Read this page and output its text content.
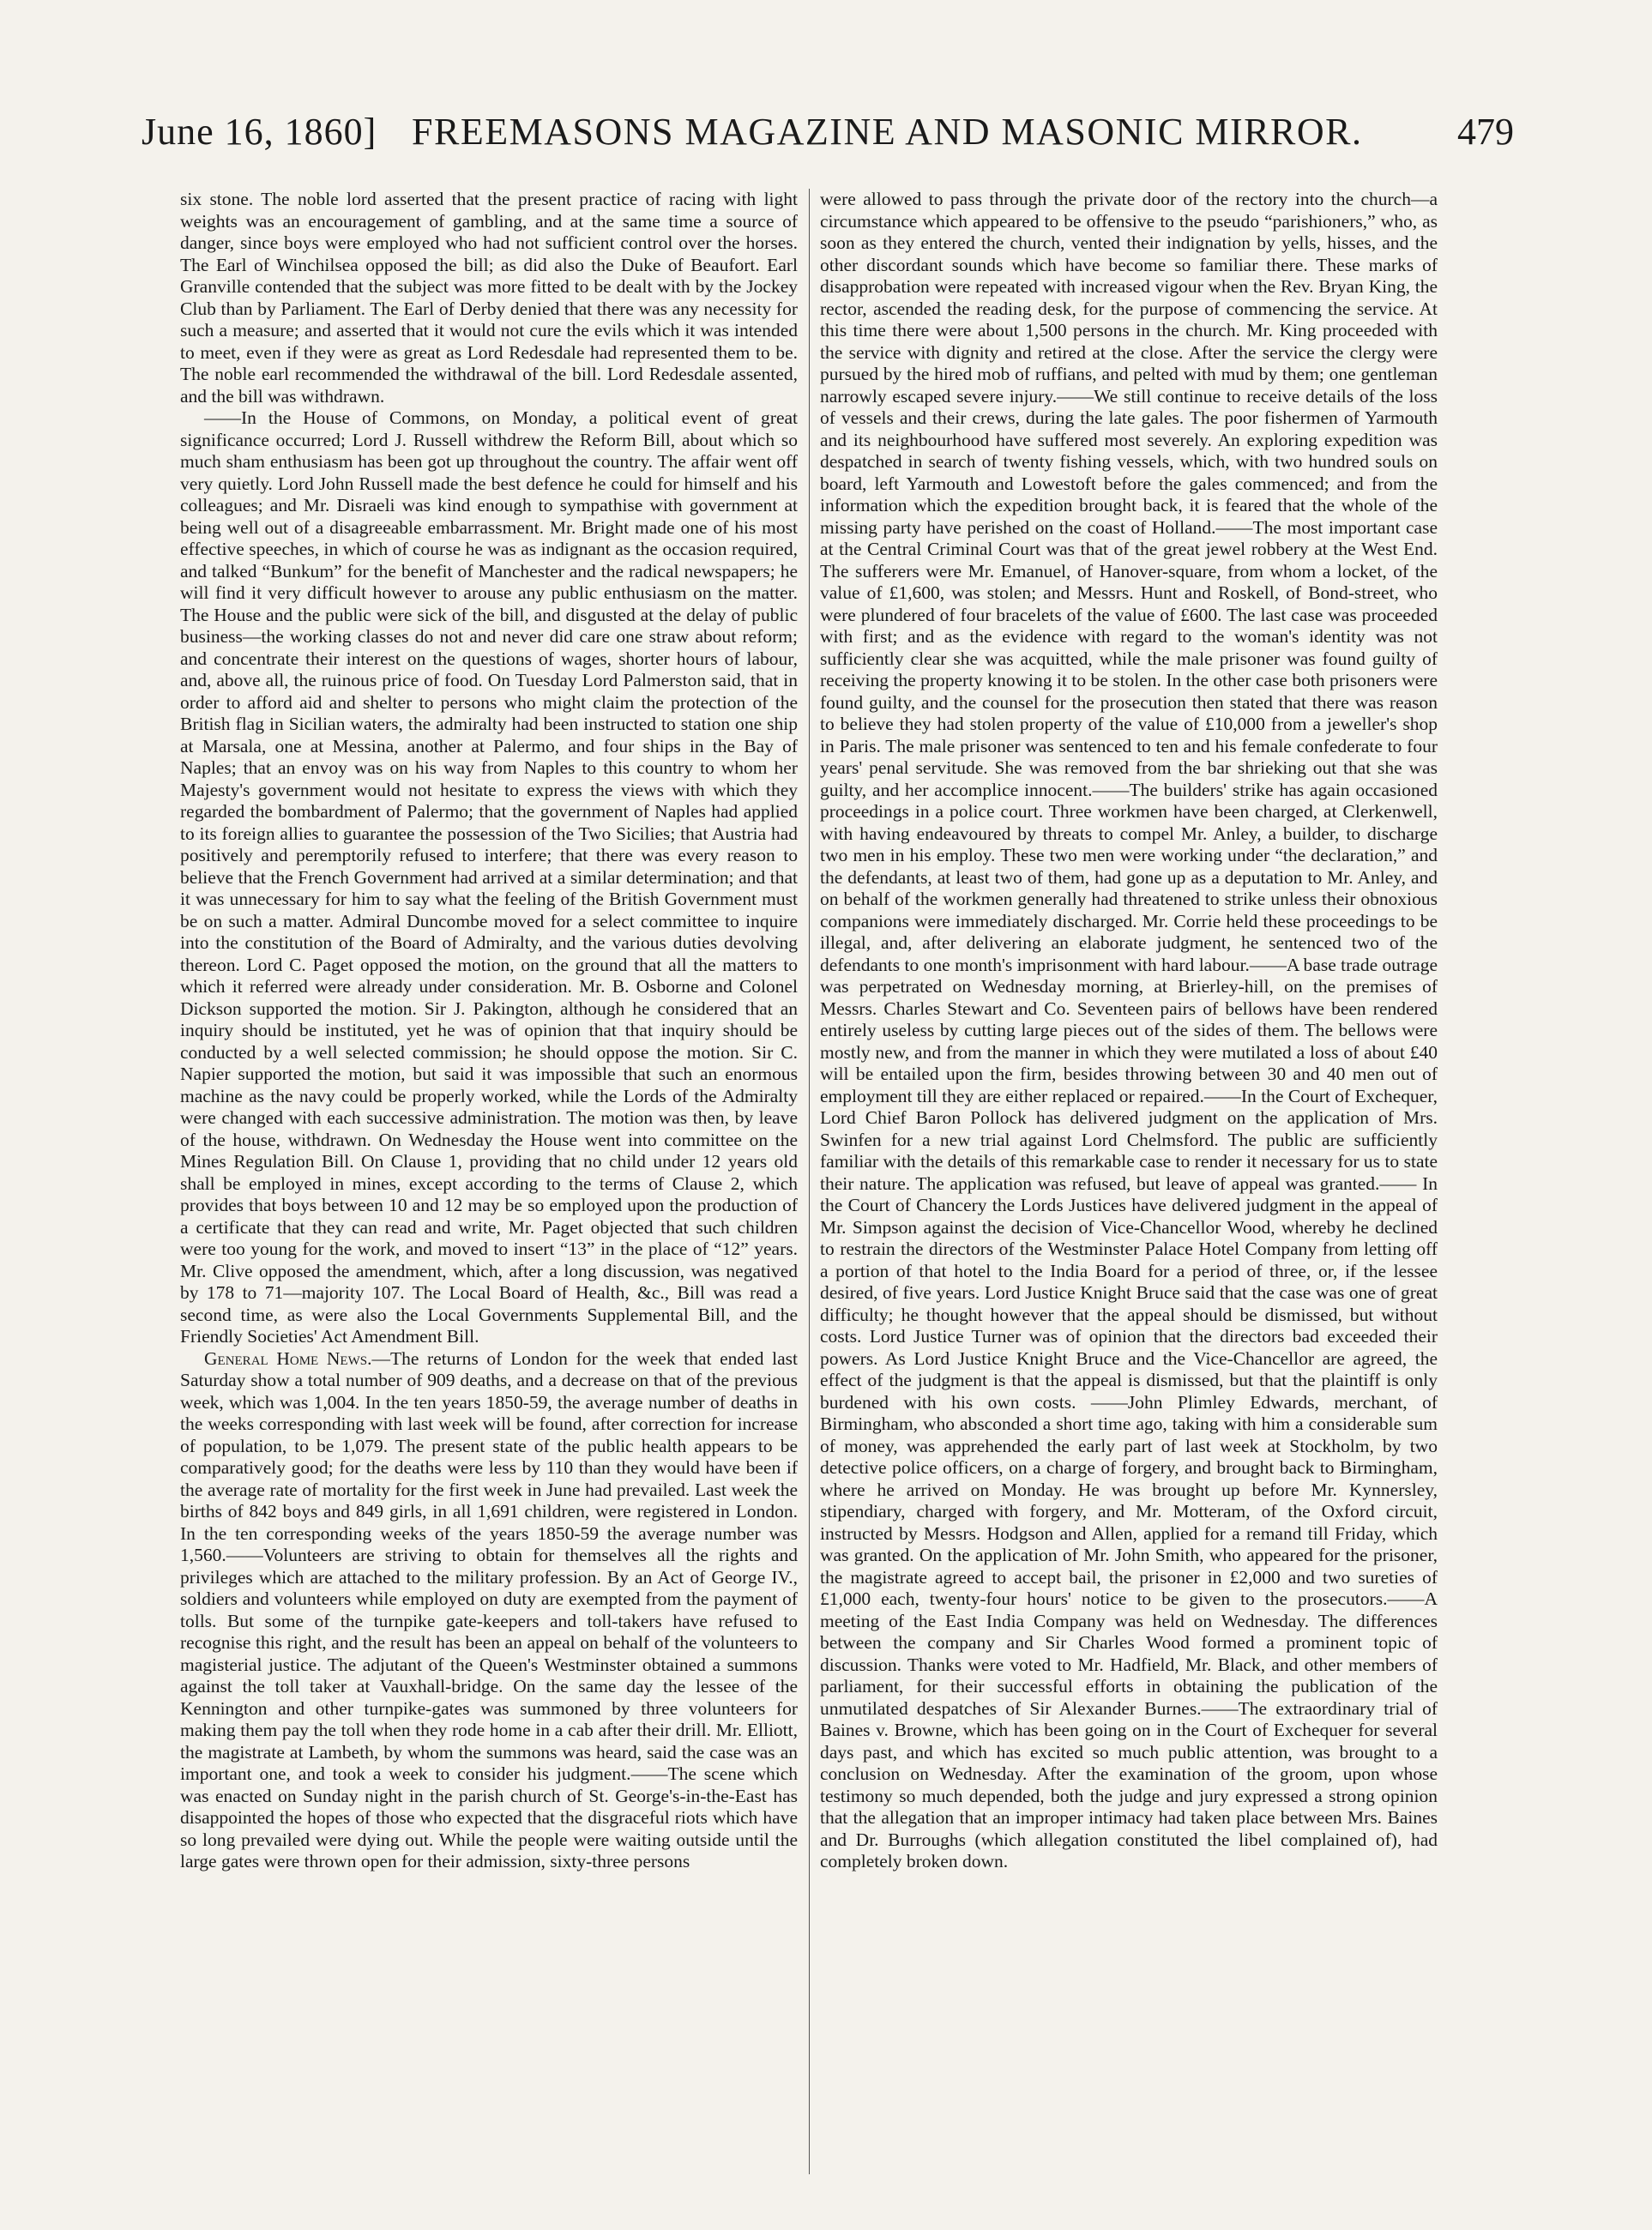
June 16, 1860] FREEMASONS MAGAZINE AND MASONIC MIRROR.	479

six stone. The noble lord asserted that the present practice of racing with light weights was an encouragement of gambling, and at the same time a source of danger, since boys were employed who had not sufficient control over the horses. The Earl of Winchilsea opposed the bill; as did also the Duke of Beaufort. Earl Granville contended that the subject was more fitted to be dealt with by the Jockey Club than by Parliament. The Earl of Derby denied that there was any necessity for such a measure; and asserted that it would not cure the evils which it was intended to meet, even if they were as great as Lord Redesdale had represented them to be. The noble earl recommended the withdrawal of the bill. Lord Redesdale assented, and the bill was withdrawn.

——In the House of Commons, on Monday, a political event of great significance occurred; Lord J. Russell withdrew the Reform Bill, about which so much sham enthusiasm has been got up throughout the country. The affair went off very quietly. Lord John Russell made the best defence he could for himself and his colleagues; and Mr. Disraeli was kind enough to sympathise with government at being well out of a disagreeable embarrassment. Mr. Bright made one of his most effective speeches, in which of course he was as indignant as the occasion required, and talked “Bunkum” for the benefit of Manchester and the radical newspapers; he will find it very difficult however to arouse any public enthusiasm on the matter. The House and the public were sick of the bill, and disgusted at the delay of public business—the working classes do not and never did care one straw about reform; and concentrate their interest on the questions of wages, shorter hours of labour, and, above all, the ruinous price of food. On Tuesday Lord Palmerston said, that in order to afford aid and shelter to persons who might claim the protection of the British flag in Sicilian waters, the admiralty had been instructed to station one ship at Marsala, one at Messina, another at Palermo, and four ships in the Bay of Naples; that an envoy was on his way from Naples to this country to whom her Majesty's government would not hesitate to express the views with which they regarded the bombardment of Palermo; that the government of Naples had applied to its foreign allies to guarantee the possession of the Two Sicilies; that Austria had positively and peremptorily refused to interfere; that there was every reason to believe that the French Government had arrived at a similar determination; and that it was unnecessary for him to say what the feeling of the British Government must be on such a matter. Admiral Duncombe moved for a select committee to inquire into the constitution of the Board of Admiralty, and the various duties devolving thereon. Lord C. Paget opposed the motion, on the ground that all the matters to which it referred were already under consideration. Mr. B. Osborne and Colonel Dickson supported the motion. Sir J. Pakington, although he considered that an inquiry should be instituted, yet he was of opinion that that inquiry should be conducted by a well selected commission; he should oppose the motion. Sir C. Napier supported the motion, but said it was impossible that such an enormous machine as the navy could be properly worked, while the Lords of the Admiralty were changed with each successive administration. The motion was then, by leave of the house, withdrawn. On Wednesday the House went into committee on the Mines Regulation Bill. On Clause 1, providing that no child under 12 years old shall be employed in mines, except according to the terms of Clause 2, which provides that boys between 10 and 12 may be so employed upon the production of a certificate that they can read and write, Mr. Paget objected that such children were too young for the work, and moved to insert “13” in the place of “12” years. Mr. Clive opposed the amendment, which, after a long discussion, was negatived by 178 to 71—majority 107. The Local Board of Health, &c., Bill was read a second time, as were also the Local Governments Supplemental Bill, and the Friendly Societies' Act Amendment Bill.

General Home News.—The returns of London for the week that ended last Saturday show a total number of 909 deaths, and a decrease on that of the previous week, which was 1,004. In the ten years 1850-59, the average number of deaths in the weeks corresponding with last week will be found, after correction for increase of population, to be 1,079. The present state of the public health appears to be comparatively good; for the deaths were less by 110 than they would have been if the average rate of mortality for the first week in June had prevailed. Last week the births of 842 boys and 849 girls, in all 1,691 children, were registered in London. In the ten corresponding weeks of the years 1850-59 the average number was 1,560.——Volunteers are striving to obtain for themselves all the rights and privileges which are attached to the military profession. By an Act of George IV., soldiers and volunteers while employed on duty are exempted from the payment of tolls. But some of the turnpike gate-keepers and toll-takers have refused to recognise this right, and the result has been an appeal on behalf of the volunteers to magisterial justice. The adjutant of the Queen's Westminster obtained a summons against the toll taker at Vauxhall-bridge. On the same day the lessee of the Kennington and other turnpike-gates was summoned by three volunteers for making them pay the toll when they rode home in a cab after their drill. Mr. Elliott, the magistrate at Lambeth, by whom the summons was heard, said the case was an important one, and took a week to consider his judgment.——The scene which was enacted on Sunday night in the parish church of St. George's-in-the-East has disappointed the hopes of those who expected that the disgraceful riots which have so long prevailed were dying out. While the people were waiting outside until the large gates were thrown open for their admission, sixty-three persons

were allowed to pass through the private door of the rectory into the church—a circumstance which appeared to be offensive to the pseudo “parishioners,” who, as soon as they entered the church, vented their indignation by yells, hisses, and the other discordant sounds which have become so familiar there. These marks of disapprobation were repeated with increased vigour when the Rev. Bryan King, the rector, ascended the reading desk, for the purpose of commencing the service. At this time there were about 1,500 persons in the church. Mr. King proceeded with the service with dignity and retired at the close. After the service the clergy were pursued by the hired mob of ruffians, and pelted with mud by them; one gentleman narrowly escaped severe injury.——We still continue to receive details of the loss of vessels and their crews, during the late gales. The poor fishermen of Yarmouth and its neighbourhood have suffered most severely. An exploring expedition was despatched in search of twenty fishing vessels, which, with two hundred souls on board, left Yarmouth and Lowestoft before the gales commenced; and from the information which the expedition brought back, it is feared that the whole of the missing party have perished on the coast of Holland.——The most important case at the Central Criminal Court was that of the great jewel robbery at the West End. The sufferers were Mr. Emanuel, of Hanover-square, from whom a locket, of the value of £1,600, was stolen; and Messrs. Hunt and Roskell, of Bond-street, who were plundered of four bracelets of the value of £600. The last case was proceeded with first; and as the evidence with regard to the woman's identity was not sufficiently clear she was acquitted, while the male prisoner was found guilty of receiving the property knowing it to be stolen. In the other case both prisoners were found guilty, and the counsel for the prosecution then stated that there was reason to believe they had stolen property of the value of £10,000 from a jeweller's shop in Paris. The male prisoner was sentenced to ten and his female confederate to four years' penal servitude. She was removed from the bar shrieking out that she was guilty, and her accomplice innocent.——The builders' strike has again occasioned proceedings in a police court. Three workmen have been charged, at Clerkenwell, with having endeavoured by threats to compel Mr. Anley, a builder, to discharge two men in his employ. These two men were working under “the declaration,” and the defendants, at least two of them, had gone up as a deputation to Mr. Anley, and on behalf of the workmen generally had threatened to strike unless their obnoxious companions were immediately discharged. Mr. Corrie held these proceedings to be illegal, and, after delivering an elaborate judgment, he sentenced two of the defendants to one month's imprisonment with hard labour.——A base trade outrage was perpetrated on Wednesday morning, at Brierley-hill, on the premises of Messrs. Charles Stewart and Co. Seventeen pairs of bellows have been rendered entirely useless by cutting large pieces out of the sides of them. The bellows were mostly new, and from the manner in which they were mutilated a loss of about £40 will be entailed upon the firm, besides throwing between 30 and 40 men out of employment till they are either replaced or repaired.——In the Court of Exchequer, Lord Chief Baron Pollock has delivered judgment on the application of Mrs. Swinfen for a new trial against Lord Chelmsford. The public are sufficiently familiar with the details of this remarkable case to render it necessary for us to state their nature. The application was refused, but leave of appeal was granted.—— In the Court of Chancery the Lords Justices have delivered judgment in the appeal of Mr. Simpson against the decision of Vice-Chancellor Wood, whereby he declined to restrain the directors of the Westminster Palace Hotel Company from letting off a portion of that hotel to the India Board for a period of three, or, if the lessee desired, of five years. Lord Justice Knight Bruce said that the case was one of great difficulty; he thought however that the appeal should be dismissed, but without costs. Lord Justice Turner was of opinion that the directors bad exceeded their powers. As Lord Justice Knight Bruce and the Vice-Chancellor are agreed, the effect of the judgment is that the appeal is dismissed, but that the plaintiff is only burdened with his own costs. ——John Plimley Edwards, merchant, of Birmingham, who absconded a short time ago, taking with him a considerable sum of money, was apprehended the early part of last week at Stockholm, by two detective police officers, on a charge of forgery, and brought back to Birmingham, where he arrived on Monday. He was brought up before Mr. Kynnersley, stipendiary, charged with forgery, and Mr. Motteram, of the Oxford circuit, instructed by Messrs. Hodgson and Allen, applied for a remand till Friday, which was granted. On the application of Mr. John Smith, who appeared for the prisoner, the magistrate agreed to accept bail, the prisoner in £2,000 and two sureties of £1,000 each, twenty-four hours' notice to be given to the prosecutors.——A meeting of the East India Company was held on Wednesday. The differences between the company and Sir Charles Wood formed a prominent topic of discussion. Thanks were voted to Mr. Hadfield, Mr. Black, and other members of parliament, for their successful efforts in obtaining the publication of the unmutilated despatches of Sir Alexander Burnes.——The extraordinary trial of Baines v. Browne, which has been going on in the Court of Exchequer for several days past, and which has excited so much public attention, was brought to a conclusion on Wednesday. After the examination of the groom, upon whose testimony so much depended, both the judge and jury expressed a strong opinion that the allegation that an improper intimacy had taken place between Mrs. Baines and Dr. Burroughs (which allegation constituted the libel complained of), had completely broken down.
